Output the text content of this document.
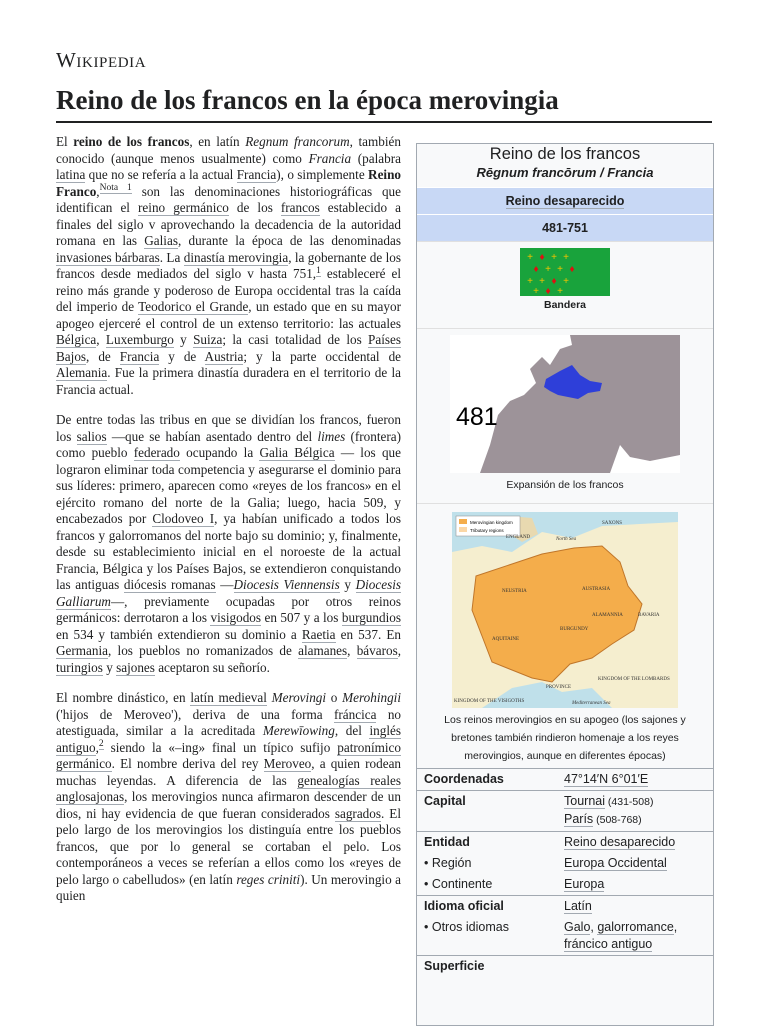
Wikipedia
Reino de los francos en la época merovingia

El reino de los francos, en latín Regnum francorum, también conocido (aunque menos usualmente) como Francia (palabra latina que no se refería a la actual Francia), o simplemente Reino Franco,$^{Nota 1}$ son las denominaciones historiográficas que identifican el reino germánico de los francos establecido a finales del siglo v aprovechando la decadencia de la autoridad romana en las Galias, durante la época de las denominadas invasiones bárbaras. La dinastía merovingia, la gobernante de los francos desde mediados del siglo v hasta 751,$^1$ estableceré el reino más grande y poderoso de Europa occidental tras la caída del imperio de Teodorico el Grande, un estado que en su mayor apogeo ejerceré el control de un extenso territorio: las actuales Bélgica, Luxemburgo y Suiza; la casi totalidad de los Países Bajos, de Francia y de Austria; y la parte occidental de Alemania. Fue la primera dinastía duradera en el territorio de la Francia actual.

De entre todas las tribus en que se dividían los francos, fueron los salios —que se habían asentado dentro del limes (frontera) como pueblo federado ocupando la Galia Bélgica — los que lograron eliminar toda competencia y asegurarse el dominio para sus líderes: primero, aparecen como «reyes de los francos» en el ejército romano del norte de la Galia; luego, hacia 509, y encabezados por Clodoveo I, ya habían unificado a todos los francos y galorromanos del norte bajo su dominio; y, finalmente, desde su establecimiento inicial en el noroeste de la actual Francia, Bélgica y los Países Bajos, se extendieron conquistando las antiguas diócesis romanas —Diocesis Viennensis y Diocesis Galliarum—, previamente ocupadas por otros reinos germánicos: derrotaron a los visigodos en 507 y a los burgundios en 534 y también extendieron su dominio a Raetia en 537. En Germania, los pueblos no romanizados de alamanes, bávaros, turingios y sajones aceptaron su señorío.

El nombre dinástico, en latín medieval Merovingi o Merohingii ('hijos de Meroveo'), deriva de una forma fráncica no atestiguada, similar a la acreditada Merewīowing, del inglés antiguo,$^2$ siendo la «–ing» final un típico sufijo patronímico germánico. El nombre deriva del rey Meroveo, a quien rodean muchas leyendas. A diferencia de las genealogías reales anglosajonas, los merovingios nunca afirmaron descender de un dios, ni hay evidencia de que fueran considerados sagrados. El pelo largo de los merovingios los distinguía entre los pueblos francos, que por lo general se cortaban el pelo. Los contemporáneos a veces se referían a ellos como los «reyes de pelo largo o cabelludos» (en latín reges criniti). Un merovingio a quien

Reino de los francos
Rēgnum francōrum / Francia
Reino desaparecido
481-751
+ ♦ + +
♦ + + ♦
+ + ♦ +
+ ♦ +
Bandera
481
Expansión de los francos
Merovingian kingdom
Tributary regions
ENGLAND
SAXONS
NEUSTRIA	AUSTRASIA
BURGUNDY
AQUITAINE
ALAMANNIA	BAVARIA
PROVINCE
KINGDOM OF THE VISIGOTHS
KINGDOM OF THE LOMBARDS
North Sea
Mediterranean Sea
Los reinos merovingios en su apogeo (los sajones y bretones también rindieron homenaje a los reyes merovingios, aunque en diferentes épocas)
Coordenadas	47°14′N 6°01′E
Capital	Tournai (431-508)
París (508-768)
Entidad	Reino desaparecido
• Región	Europa Occidental
• Continente	Europa
Idioma oficial	Latín
• Otros idiomas	Galo, galorromance, fráncico antiguo
Superficie
